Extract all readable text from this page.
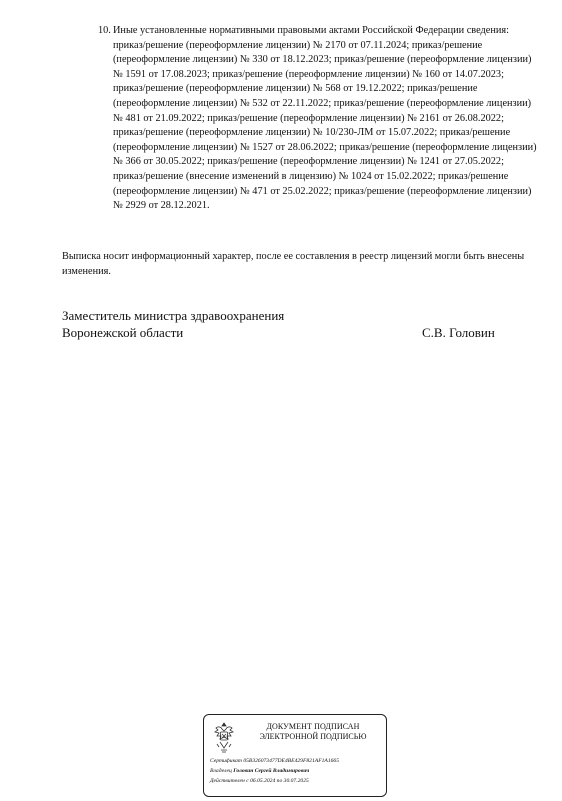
10. Иные установленные нормативными правовыми актами Российской Федерации сведения: приказ/решение (переоформление лицензии) № 2170 от 07.11.2024; приказ/решение (переоформление лицензии) № 330 от 18.12.2023; приказ/решение (переоформление лицензии) № 1591 от 17.08.2023; приказ/решение (переоформление лицензии) № 160 от 14.07.2023; приказ/решение (переоформление лицензии) № 568 от 19.12.2022; приказ/решение (переоформление лицензии) № 532 от 22.11.2022; приказ/решение (переоформление лицензии) № 481 от 21.09.2022; приказ/решение (переоформление лицензии) № 2161 от 26.08.2022; приказ/решение (переоформление лицензии) № 10/230-ЛМ от 15.07.2022; приказ/решение (переоформление лицензии) № 1527 от 28.06.2022; приказ/решение (переоформление лицензии) № 366 от 30.05.2022; приказ/решение (переоформление лицензии) № 1241 от 27.05.2022; приказ/решение (внесение изменений в лицензию) № 1024 от 15.02.2022; приказ/решение (переоформление лицензии) № 471 от 25.02.2022; приказ/решение (переоформление лицензии) № 2929 от 28.12.2021.
Выписка носит информационный характер, после ее составления в реестр лицензий могли быть внесены изменения.
Заместитель министра здравоохранения
Воронежской области	С.В. Головин
ДОКУМЕНТ ПОДПИСАН
ЭЛЕКТРОННОЙ ПОДПИСЬЮ
Сертификат 05B326073477DE4BE429F821AF1A1665
Владелец Головин Сергей Владимирович
Действителен с 06.05.2024 по 30.07.2025
